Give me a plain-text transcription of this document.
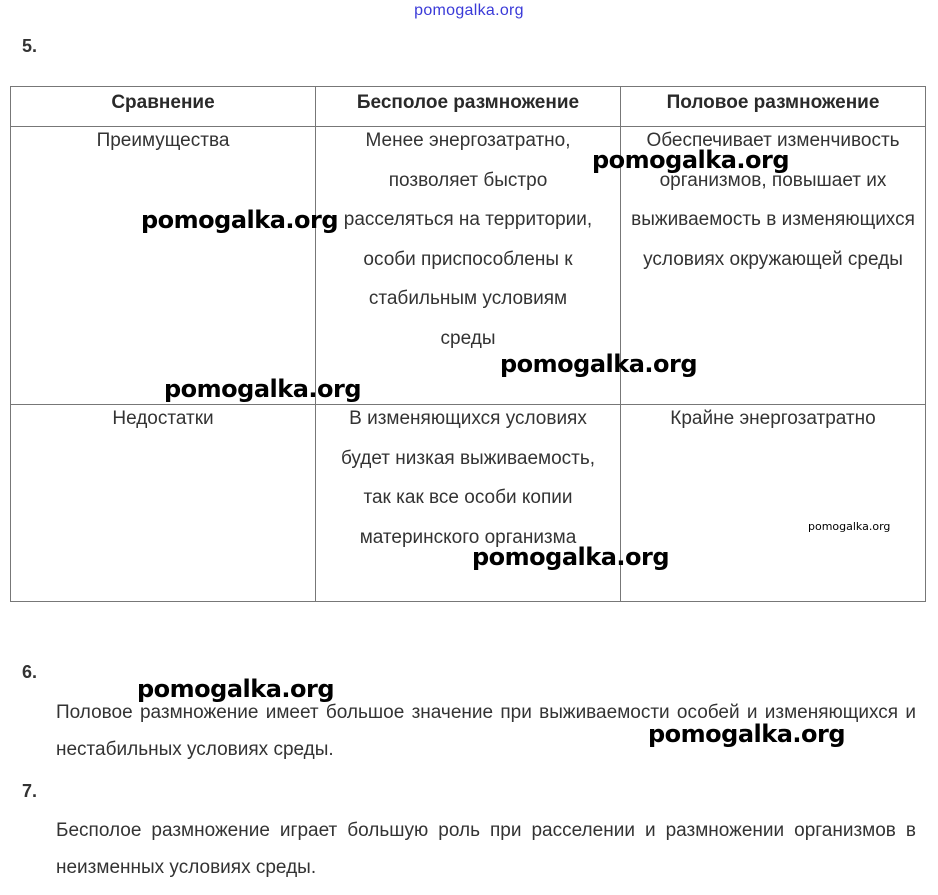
pomogalka.org
5.
Сравнение	Бесполое размножение	Половое размножение

Преимущества	Менее энергозатратно, позволяет быстро расселяться на территории, особи приспособлены к стабильным условиям среды	Обеспечивает изменчивость организмов, повышает их выживаемость в изменяющихся условиях окружающей среды

Недостатки	В изменяющихся условиях будет низкая выживаемость, так как все особи копии материнского организма	Крайне энергозатратно
6.
Половое размножение имеет большое значение при выживаемости особей и изменяющихся и нестабильных условиях среды.
7.
Бесполое размножение играет большую роль при расселении и размножении организмов в неизменных условиях среды.
pomogalka.org
pomogalka.org
pomogalka.org
pomogalka.org
pomogalka.org
pomogalka.org
pomogalka.org
pomogalka.org
